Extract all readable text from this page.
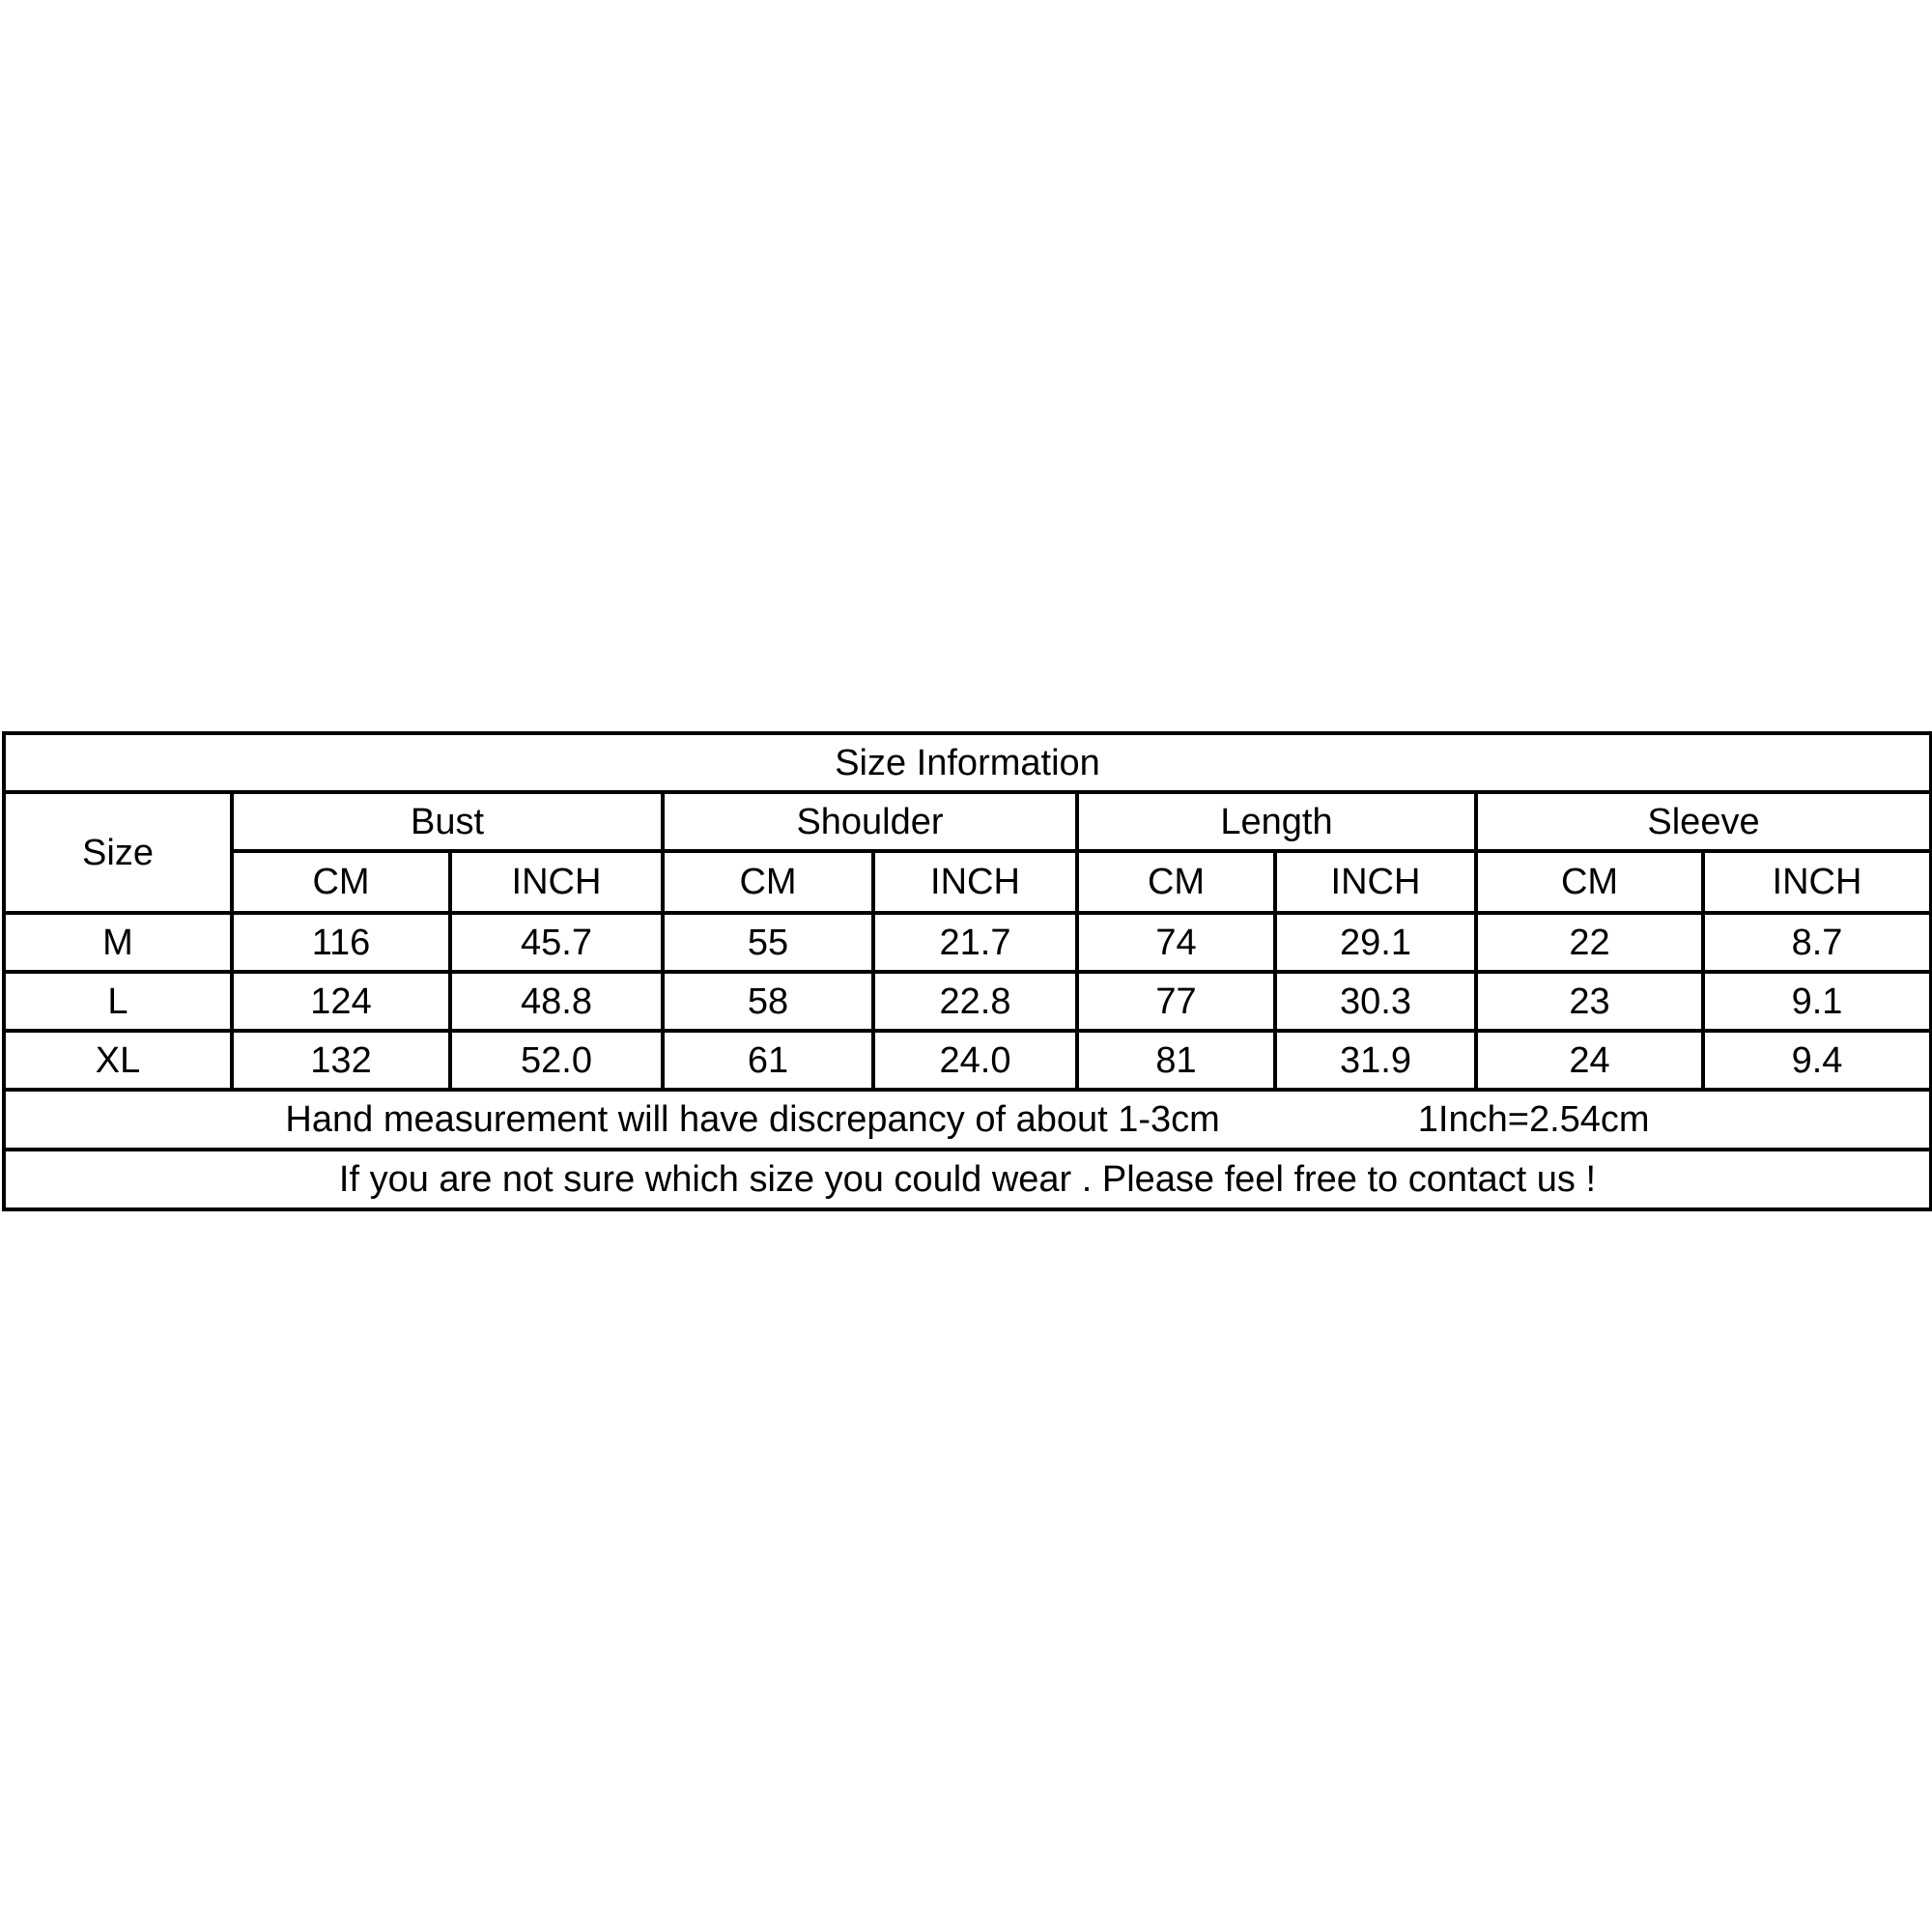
Size Information								
Size	Bust		Shoulder		Length		Sleeve	
	CM	INCH	CM	INCH	CM	INCH	CM	INCH
M	116	45.7	55	21.7	74	29.1	22	8.7
L	124	48.8	58	22.8	77	30.3	23	9.1
XL	132	52.0	61	24.0	81	31.9	24	9.4

Hand measurement will have discrepancy of about 1-3cm 1Inch=2.54cm								

If you are not sure which size you could wear . Please feel free to contact us !								
